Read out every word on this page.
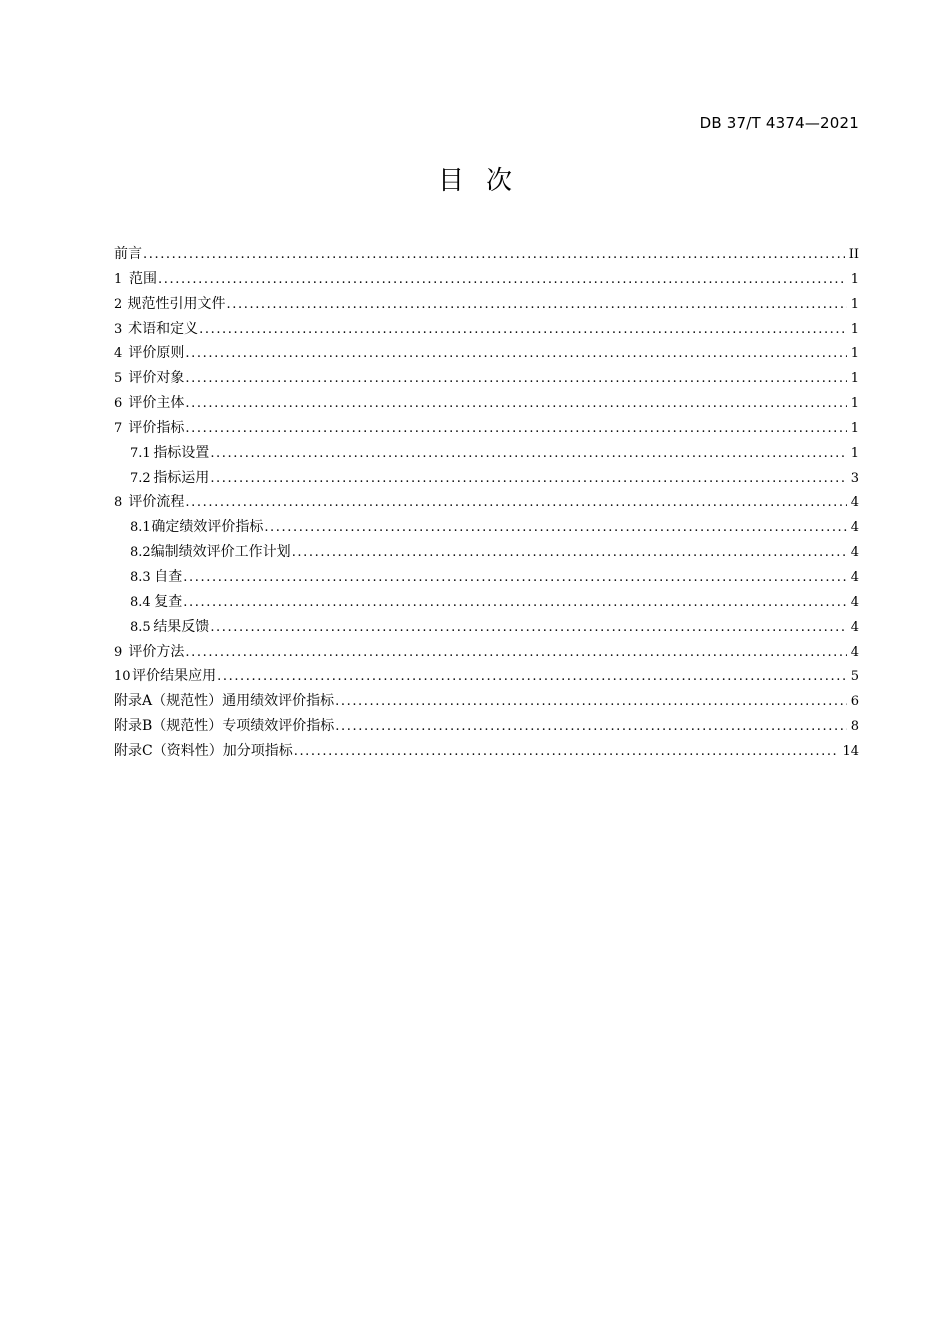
DB 37/T 4374—2021
目次
前言 .....	II
1 范围 .....	1
2 规范性引用文件 .....	1
3 术语和定义 .....	1
4 评价原则 .....	1
5 评价对象 .....	1
6 评价主体 .....	1
7 评价指标 .....	1
7.1 指标设置 .....	1
7.2 指标运用 .....	3
8 评价流程 .....	4
8.1 确定绩效评价指标 .....	4
8.2 编制绩效评价工作计划 .....	4
8.3 自查 .....	4
8.4 复查 .....	4
8.5 结果反馈 .....	4
9 评价方法 .....	4
10 评价结果应用 .....	5
附录A（规范性） 通用绩效评价指标 .....	6
附录B（规范性） 专项绩效评价指标 .....	8
附录C（资料性） 加分项指标 .....	14
